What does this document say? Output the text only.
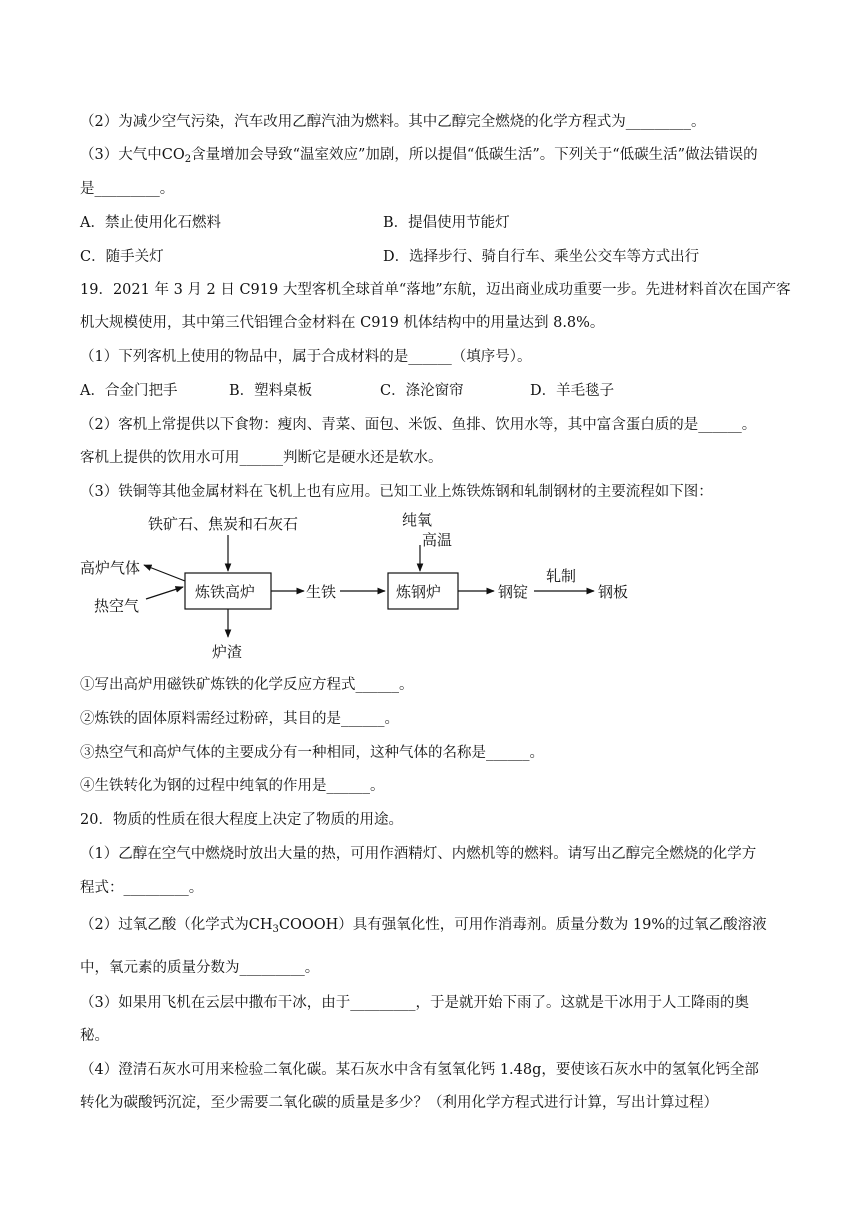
（2）为减少空气污染，汽车改用乙醇汽油为燃料。其中乙醇完全燃烧的化学方程式为_________。
（3）大气中$CO_2$含量增加会导致“温室效应”加剧，所以提倡“低碳生活”。下列关于“低碳生活”做法错误的
是_________。
A．禁止使用化石燃料	B．提倡使用节能灯
C．随手关灯	D．选择步行、骑自行车、乘坐公交车等方式出行
19．2021 年 3 月 2 日 C919 大型客机全球首单“落地”东航，迈出商业成功重要一步。先进材料首次在国产客
机大规模使用，其中第三代铝锂合金材料在 C919 机体结构中的用量达到 8.8%。
（1）下列客机上使用的物品中，属于合成材料的是______（填序号）。
A．合金门把手	B．塑料桌板	C．涤沦窗帘	D．羊毛毯子
（2）客机上常提供以下食物：瘦肉、青菜、面包、米饭、鱼排、饮用水等，其中富含蛋白质的是______。
客机上提供的饮用水可用______判断它是硬水还是软水。
（3）铁铜等其他金属材料在飞机上也有应用。已知工业上炼铁炼钢和轧制钢材的主要流程如下图：
铁矿石、焦炭和石灰石
高炉气体
热空气
炼铁高炉
炉渣
生铁
纯氧
高温
炼钢炉	钢锭
轧制
钢板
①写出高炉用磁铁矿炼铁的化学反应方程式______。
②炼铁的固体原料需经过粉碎，其目的是______。
③热空气和高炉气体的主要成分有一种相同，这种气体的名称是______。
④生铁转化为钢的过程中纯氧的作用是______。
20．物质的性质在很大程度上决定了物质的用途。
（1）乙醇在空气中燃烧时放出大量的热，可用作酒精灯、内燃机等的燃料。请写出乙醇完全燃烧的化学方
程式：_________。
（2）过氧乙酸（化学式为$CH_3COOOH$）具有强氧化性，可用作消毒剂。质量分数为 19%的过氧乙酸溶液
中，氧元素的质量分数为_________。
（3）如果用飞机在云层中撒布干冰，由于_________，于是就开始下雨了。这就是干冰用于人工降雨的奥
秘。
（4）澄清石灰水可用来检验二氧化碳。某石灰水中含有氢氧化钙 1.48g，要使该石灰水中的氢氧化钙全部
转化为碳酸钙沉淀，至少需要二氧化碳的质量是多少？（利用化学方程式进行计算，写出计算过程）
